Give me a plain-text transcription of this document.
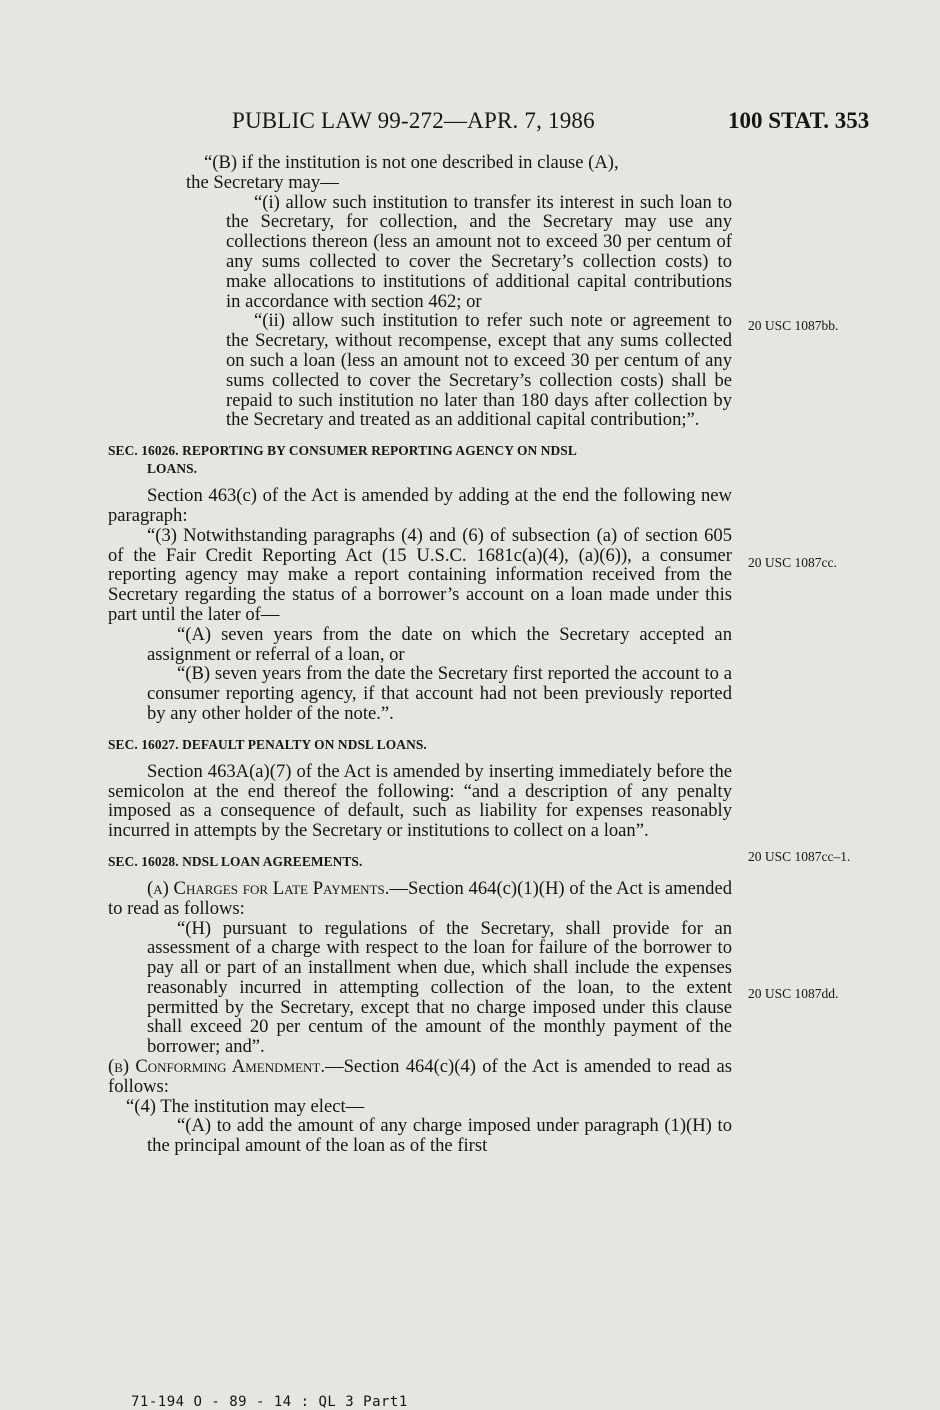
PUBLIC LAW 99-272—APR. 7, 1986	100 STAT. 353

“(B) if the institution is not one described in clause (A),

the Secretary may—

“(i) allow such institution to transfer its interest in such loan to the Secretary, for collection, and the Secretary may use any collections thereon (less an amount not to exceed 30 per centum of any sums collected to cover the Secretary’s collection costs) to make allocations to institutions of additional capital contributions in accordance with section 462; or

“(ii) allow such institution to refer such note or agreement to the Secretary, without recompense, except that any sums collected on such a loan (less an amount not to exceed 30 per centum of any sums collected to cover the Secretary’s collection costs) shall be repaid to such institution no later than 180 days after collection by the Secretary and treated as an additional capital contribution;”.

SEC. 16026. REPORTING BY CONSUMER REPORTING AGENCY ON NDSL
LOANS.

Section 463(c) of the Act is amended by adding at the end the following new paragraph:

“(3) Notwithstanding paragraphs (4) and (6) of subsection (a) of section 605 of the Fair Credit Reporting Act (15 U.S.C. 1681c(a)(4), (a)(6)), a consumer reporting agency may make a report containing information received from the Secretary regarding the status of a borrower’s account on a loan made under this part until the later of—

“(A) seven years from the date on which the Secretary accepted an assignment or referral of a loan, or

“(B) seven years from the date the Secretary first reported the account to a consumer reporting agency, if that account had not been previously reported by any other holder of the note.”.

SEC. 16027. DEFAULT PENALTY ON NDSL LOANS.

Section 463A(a)(7) of the Act is amended by inserting immediately before the semicolon at the end thereof the following: “and a description of any penalty imposed as a consequence of default, such as liability for expenses reasonably incurred in attempts by the Secretary or institutions to collect on a loan”.

SEC. 16028. NDSL LOAN AGREEMENTS.

(a) Charges for Late Payments.—Section 464(c)(1)(H) of the Act is amended to read as follows:

“(H) pursuant to regulations of the Secretary, shall provide for an assessment of a charge with respect to the loan for failure of the borrower to pay all or part of an installment when due, which shall include the expenses reasonably incurred in attempting collection of the loan, to the extent permitted by the Secretary, except that no charge imposed under this clause shall exceed 20 per centum of the amount of the monthly payment of the borrower; and”.

(b) Conforming Amendment.—Section 464(c)(4) of the Act is amended to read as follows:

“(4) The institution may elect—

“(A) to add the amount of any charge imposed under paragraph (1)(H) to the principal amount of the loan as of the first

20 USC 1087bb.
20 USC 1087cc.
20 USC 1087cc–1.
20 USC 1087dd.
71-194 O - 89 - 14 : QL 3 Part1
